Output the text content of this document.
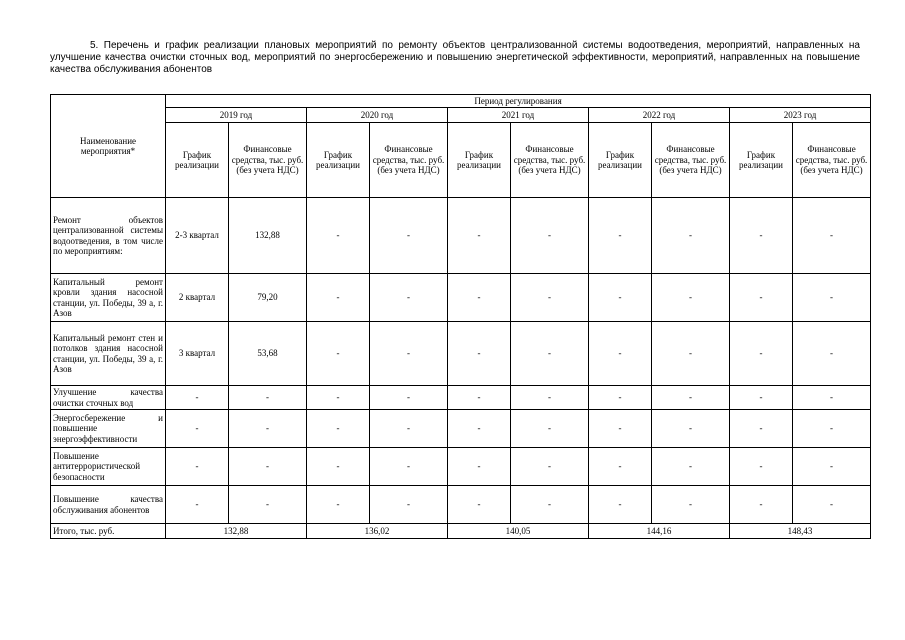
5. Перечень и график реализации плановых мероприятий по ремонту объектов централизованной системы водоотведения, мероприятий, направленных на улучшение качества очистки сточных вод, мероприятий по энергосбережению и повышению энергетической эффективности, мероприятий, направленных на повышение качества обслуживания абонентов
Наименование мероприятия*	Период регулирования									
	2019 год		2020 год		2021 год		2022 год		2023 год	
	График реализации	Финансовые средства, тыс. руб. (без учета НДС)	График реализации	Финансовые средства, тыс. руб. (без учета НДС)	График реализации	Финансовые средства, тыс. руб. (без учета НДС)	График реализации	Финансовые средства, тыс. руб. (без учета НДС)	График реализации	Финансовые средства, тыс. руб. (без учета НДС)
Ремонт объектов централизованной системы водоотведения, в том числе по мероприятиям:	2-3 квартал	132,88	-	-	-	-	-	-	-	-
Капитальный ремонт кровли здания насосной станции, ул. Победы, 39 а, г. Азов	2 квартал	79,20	-	-	-	-	-	-	-	-
Капитальный ремонт стен и потолков здания насосной станции, ул. Победы, 39 а, г. Азов	3 квартал	53,68	-	-	-	-	-	-	-	-
Улучшение качества очистки сточных вод	-	-	-	-	-	-	-	-	-	-
Энергосбережение и повышение энергоэффективности	-	-	-	-	-	-	-	-	-	-
Повышение антитеррористической безопасности	-	-	-	-	-	-	-	-	-	-
Повышение качества обслуживания абонентов	-	-	-	-	-	-	-	-	-	-
Итого, тыс. руб.	132,88		136,02		140,05		144,16		148,43	
